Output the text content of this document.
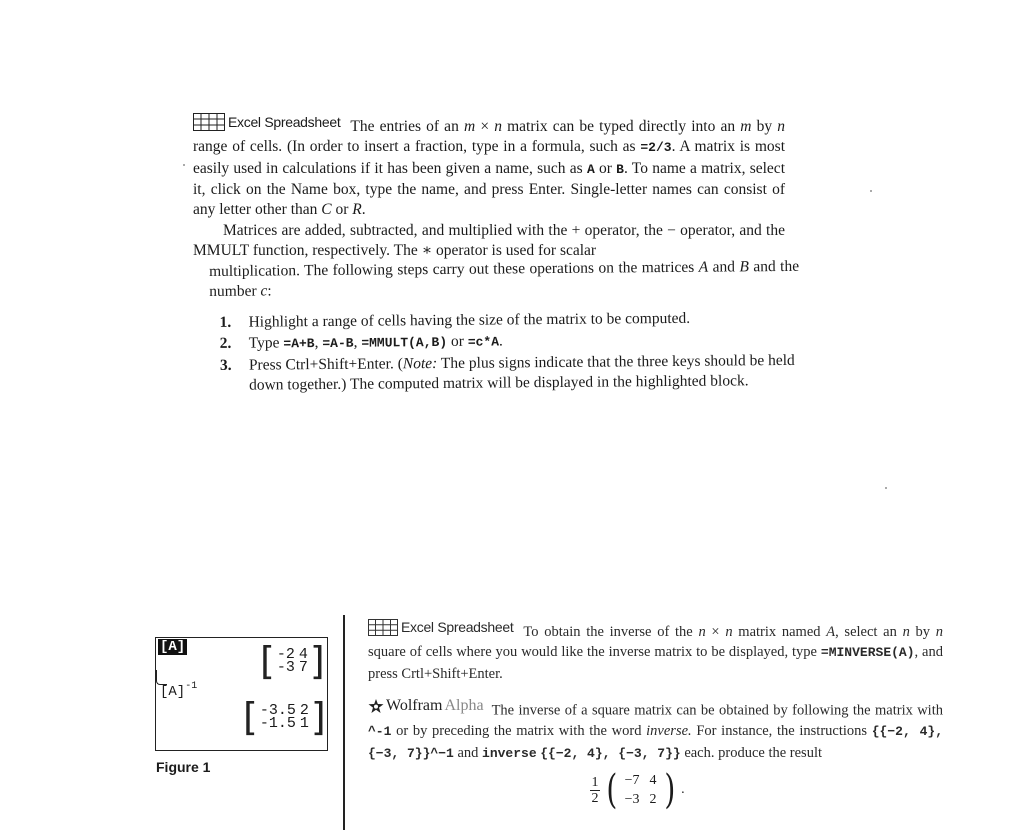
Excel Spreadsheet The entries of an m × n matrix can be typed directly into an m by n range of cells. (In order to insert a fraction, type in a formula, such as =2/3. A matrix is most easily used in calculations if it has been given a name, such as A or B. To name a matrix, select it, click on the Name box, type the name, and press Enter. Single-letter names can consist of any letter other than C or R.

Matrices are added, subtracted, and multiplied with the + operator, the − operator, and the MMULT function, respectively. The ∗ operator is used for scalar

multiplication. The following steps carry out these operations on the matrices A and B and the number c:

1.	Highlight a range of cells having the size of the matrix to be computed.
2.	Type =A+B, =A-B, =MMULT(A,B) or =c*A.
3.	Press Ctrl+Shift+Enter. (Note: The plus signs indicate that the three keys should be held down together.) The computed matrix will be displayed in the highlighted block.
[A] [ -2	4
-3	7 ]
$[A]^{-1}$
[ -3.5	2
-1.5	1 ]
Figure 1

Excel Spreadsheet To obtain the inverse of the n × n matrix named A, select an n by n square of cells where you would like the inverse matrix to be displayed, type =MINVERSE(A), and press Crtl+Shift+Enter.

Wolfram Alpha The inverse of a square matrix can be obtained by following the matrix with ^-1 or by preceding the matrix with the word inverse. For instance, the instructions {{−2, 4}, {−3, 7}}^−1 and inverse {{−2, 4}, {−3, 7}} each. produce the result

$\frac{1}{2}$ ( −7	4
−3	2 ) .
